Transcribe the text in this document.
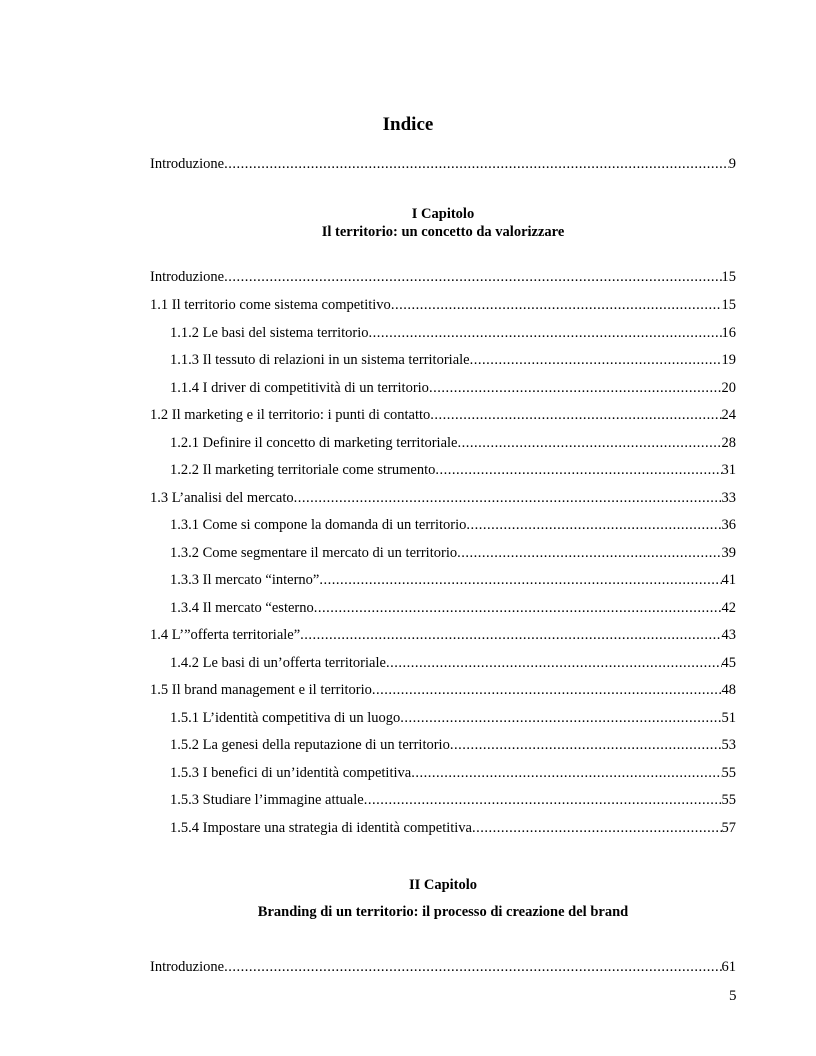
Indice
Introduzione .....	9
I Capitolo
Il territorio: un concetto da valorizzare
Introduzione .....	15
1.1 Il territorio come sistema competitivo .....	15
1.1.2 Le basi del sistema territorio .....	16
1.1.3 Il tessuto di relazioni in un sistema territoriale .....	19
1.1.4 I driver di competitività di un territorio .....	20
1.2 Il marketing e il territorio: i punti di contatto .....	24
1.2.1 Definire il concetto di marketing territoriale .....	28
1.2.2 Il marketing territoriale come strumento .....	31
1.3 L’analisi del mercato .....	33
1.3.1 Come si compone la domanda di un territorio .....	36
1.3.2 Come segmentare il mercato di un territorio .....	39
1.3.3 Il mercato “interno” .....	41
1.3.4 Il mercato “esterno .....	42
1.4 L’”offerta territoriale” .....	43
1.4.2 Le basi di un’offerta territoriale .....	45
1.5 Il brand management e il territorio .....	48
1.5.1 L’identità competitiva di un luogo .....	51
1.5.2 La genesi della reputazione di un territorio .....	53
1.5.3 I benefici di un’identità competitiva .....	55
1.5.3 Studiare l’immagine attuale .....	55
1.5.4 Impostare una strategia di identità competitiva .....	57
II Capitolo
Branding di un territorio: il processo di creazione del brand
Introduzione .....	61
5
